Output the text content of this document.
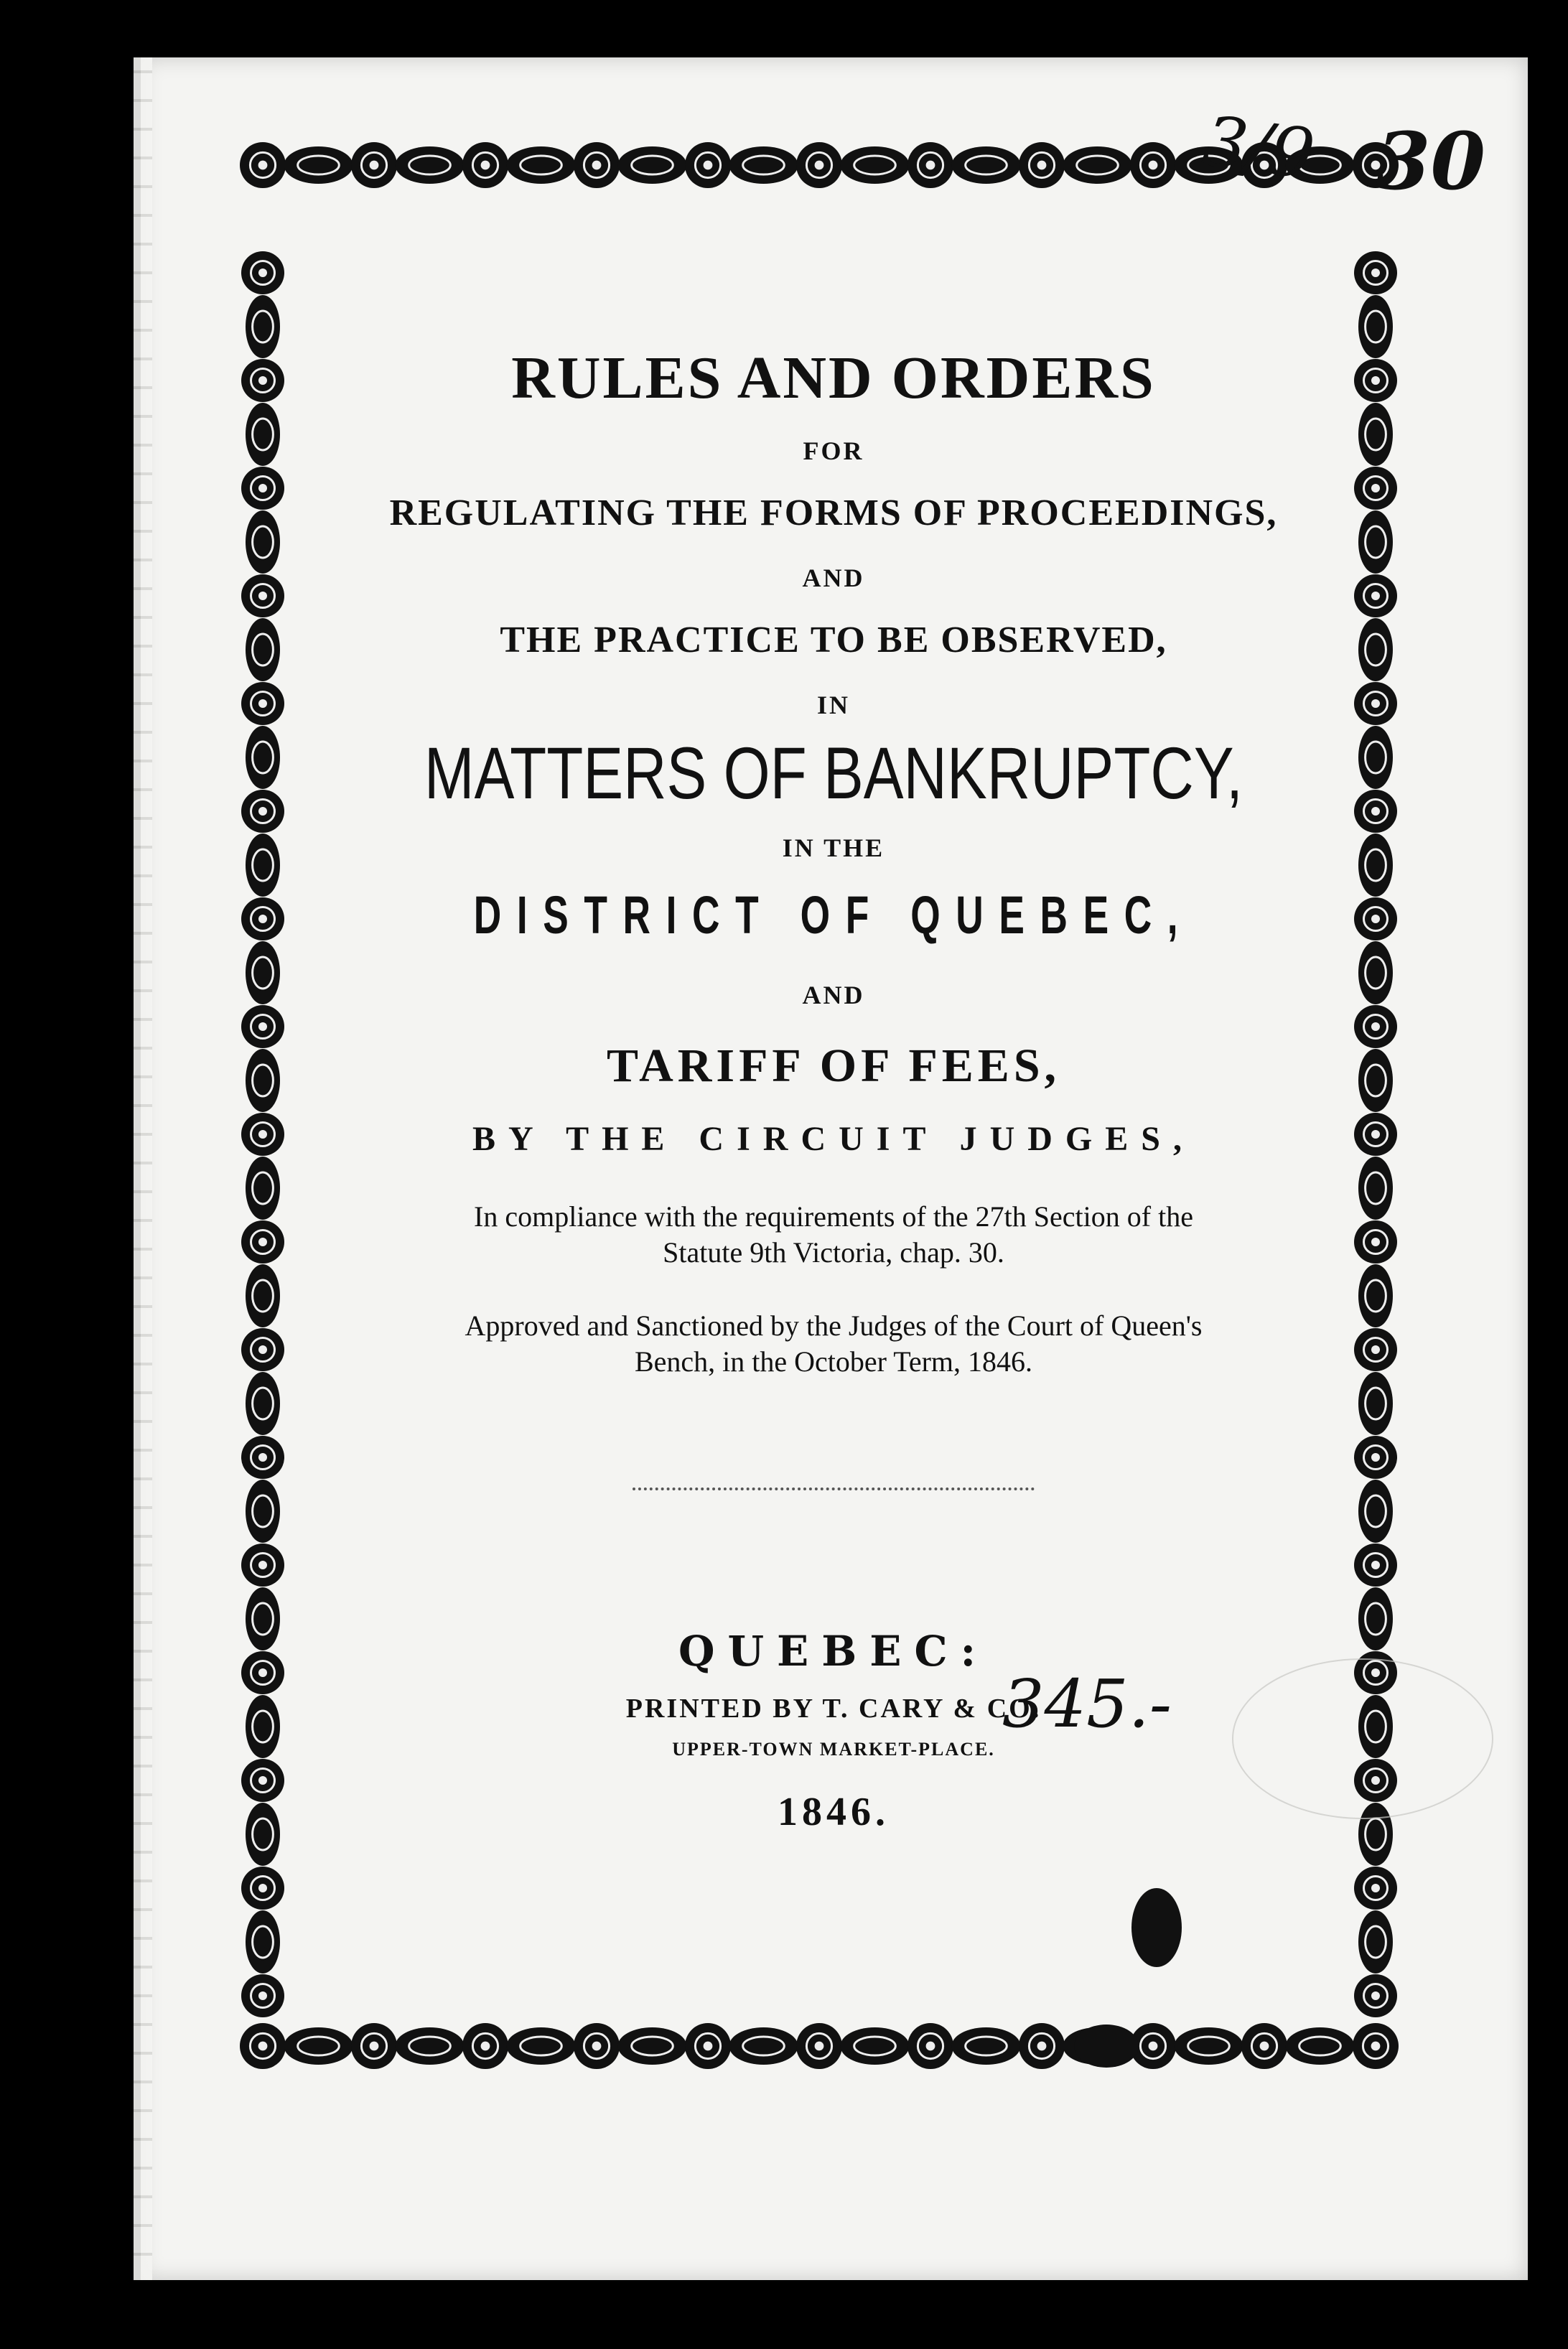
3/9 30
345.-
RULES AND ORDERS
FOR
REGULATING THE FORMS OF PROCEEDINGS,
AND
THE PRACTICE TO BE OBSERVED,
IN
MATTERS OF BANKRUPTCY,
IN THE
DISTRICT OF QUEBEC,
AND
TARIFF OF FEES,
BY THE CIRCUIT JUDGES,
In compliance with the requirements of the 27th Section of the
Statute 9th Victoria, chap. 30.
Approved and Sanctioned by the Judges of the Court of Queen's
Bench, in the October Term, 1846.
QUEBEC:
PRINTED BY T. CARY & CO.
UPPER-TOWN MARKET-PLACE.
1846.
